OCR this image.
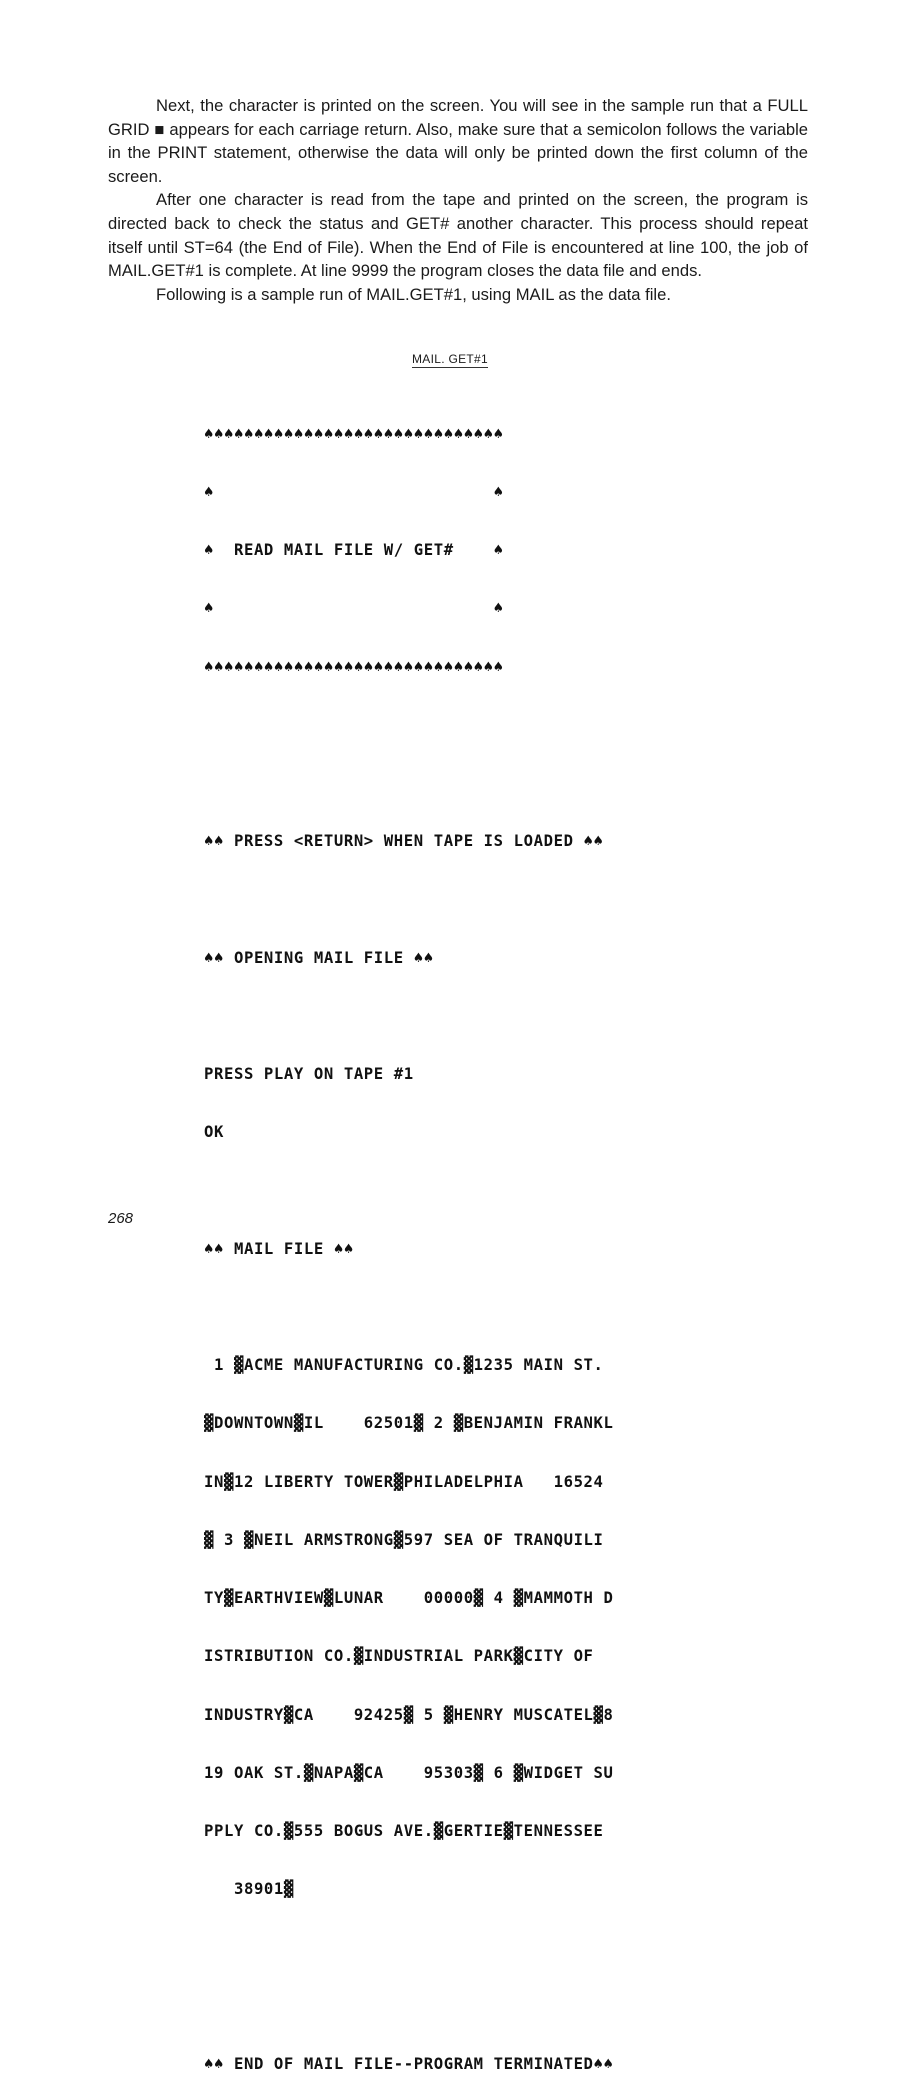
Next, the character is printed on the screen. You will see in the sample run that a FULL GRID ■ appears for each carriage return. Also, make sure that a semicolon follows the variable in the PRINT statement, otherwise the data will only be printed down the first column of the screen.

After one character is read from the tape and printed on the screen, the program is directed back to check the status and GET# another character. This process should repeat itself until ST=64 (the End of File). When the End of File is encountered at line 100, the job of MAIL.GET#1 is complete. At line 9999 the program closes the data file and ends.

Following is a sample run of MAIL.GET#1, using MAIL as the data file.

MAIL. GET#1

♠♠♠♠♠♠♠♠♠♠♠♠♠♠♠♠♠♠♠♠♠♠♠♠♠♠♠♠♠♠

♠                            ♠

♠  READ MAIL FILE W/ GET#    ♠

♠                            ♠

♠♠♠♠♠♠♠♠♠♠♠♠♠♠♠♠♠♠♠♠♠♠♠♠♠♠♠♠♠♠

♠♠ PRESS <RETURN> WHEN TAPE IS LOADED ♠♠

♠♠ OPENING MAIL FILE ♠♠

PRESS PLAY ON TAPE #1

OK

♠♠ MAIL FILE ♠♠

1 ▓ACME MANUFACTURING CO.▓1235 MAIN ST.

▓DOWNTOWN▓IL    62501▓ 2 ▓BENJAMIN FRANKL

IN▓12 LIBERTY TOWER▓PHILADELPHIA   16524

▓ 3 ▓NEIL ARMSTRONG▓597 SEA OF TRANQUILI

TY▓EARTHVIEW▓LUNAR    00000▓ 4 ▓MAMMOTH D

ISTRIBUTION CO.▓INDUSTRIAL PARK▓CITY OF

INDUSTRY▓CA    92425▓ 5 ▓HENRY MUSCATEL▓8

19 OAK ST.▓NAPA▓CA    95303▓ 6 ▓WIDGET SU

PPLY CO.▓555 BOGUS AVE.▓GERTIE▓TENNESSEE

38901▓

♠♠ END OF MAIL FILE--PROGRAM TERMINATED♠♠

268
